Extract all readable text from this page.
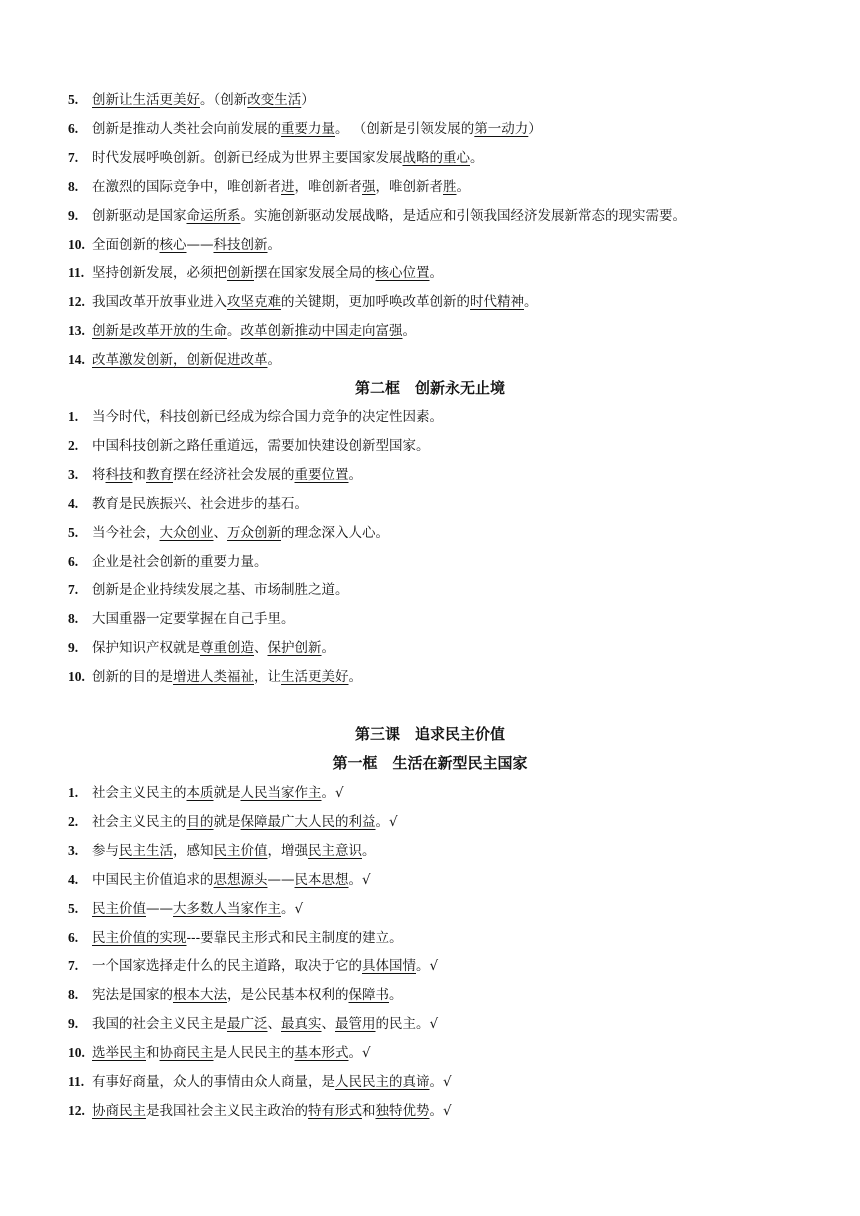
5. 创新让生活更美好。（创新改变生活）
6. 创新是推动人类社会向前发展的重要力量。 （创新是引领发展的第一动力）
7. 时代发展呼唤创新。创新已经成为世界主要国家发展战略的重心。
8. 在激烈的国际竞争中，唯创新者进，唯创新者强，唯创新者胜。
9. 创新驱动是国家命运所系。实施创新驱动发展战略，是适应和引领我国经济发展新常态的现实需要。
10. 全面创新的核心——科技创新。
11. 坚持创新发展，必须把创新摆在国家发展全局的核心位置。
12. 我国改革开放事业进入攻坚克难的关键期，更加呼唤改革创新的时代精神。
13. 创新是改革开放的生命。改革创新推动中国走向富强。
14. 改革激发创新，创新促进改革。
第二框　创新永无止境
1. 当今时代，科技创新已经成为综合国力竞争的决定性因素。
2. 中国科技创新之路任重道远，需要加快建设创新型国家。
3. 将科技和教育摆在经济社会发展的重要位置。
4. 教育是民族振兴、社会进步的基石。
5. 当今社会，大众创业、万众创新的理念深入人心。
6. 企业是社会创新的重要力量。
7. 创新是企业持续发展之基、市场制胜之道。
8. 大国重器一定要掌握在自己手里。
9. 保护知识产权就是尊重创造、保护创新。
10. 创新的目的是增进人类福祉，让生活更美好。
第三课　追求民主价值
第一框　生活在新型民主国家
1. 社会主义民主的本质就是人民当家作主。√
2. 社会主义民主的目的就是保障最广大人民的利益。√
3. 参与民主生活，感知民主价值，增强民主意识。
4. 中国民主价值追求的思想源头——民本思想。√
5. 民主价值——大多数人当家作主。√
6. 民主价值的实现---要靠民主形式和民主制度的建立。
7. 一个国家选择走什么的民主道路，取决于它的具体国情。√
8. 宪法是国家的根本大法，是公民基本权利的保障书。
9. 我国的社会主义民主是最广泛、最真实、最管用的民主。√
10. 选举民主和协商民主是人民民主的基本形式。√
11. 有事好商量，众人的事情由众人商量，是人民民主的真谛。√
12. 协商民主是我国社会主义民主政治的特有形式和独特优势。√
